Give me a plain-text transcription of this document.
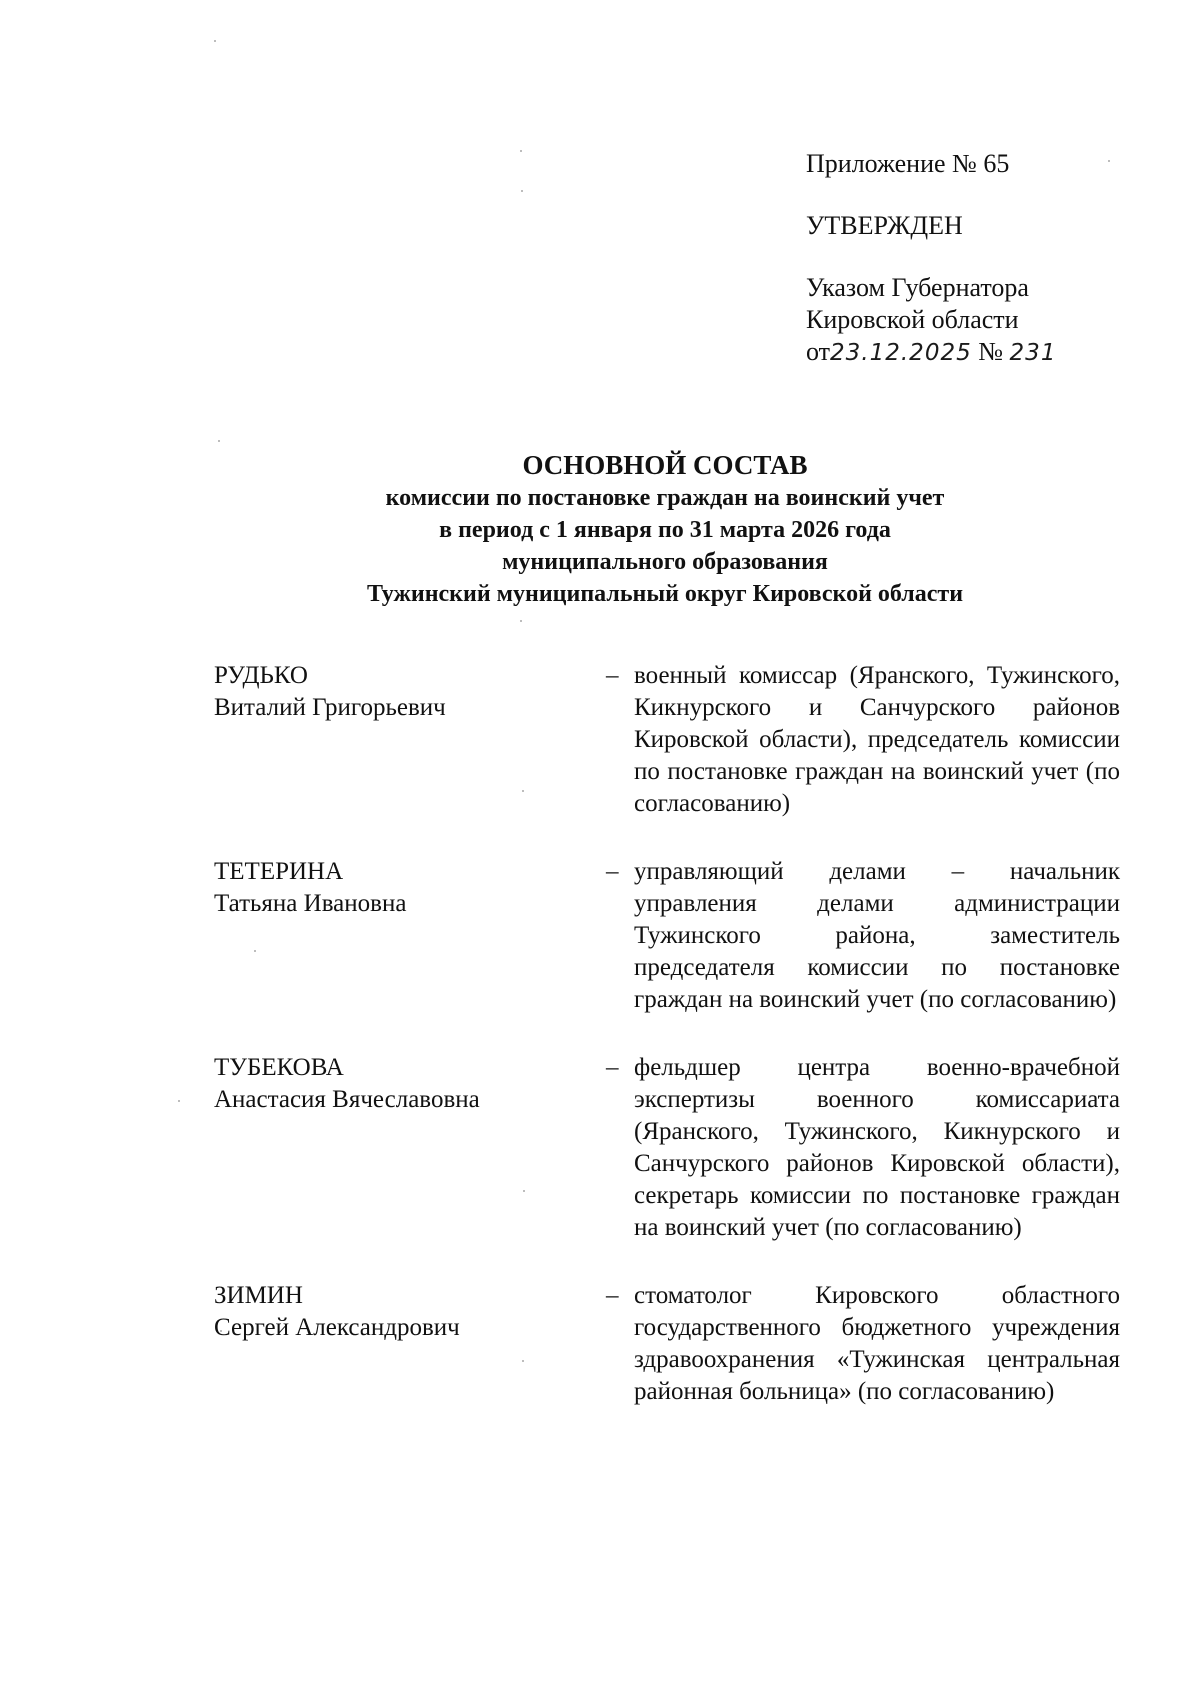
Приложение № 65
УТВЕРЖДЕН
Указом Губернатора
Кировской области
от23.12.2025 № 231
ОСНОВНОЙ СОСТАВ
комиссии по постановке граждан на воинский учет
в период с 1 января по 31 марта 2026 года
муниципального образования
Тужинский муниципальный округ Кировской области
РУДЬКО
Виталий Григорьевич
– военный комиссар (Яранского, Тужинского, Кикнурского и Санчурского районов Кировской области), председатель комиссии по постановке граждан на воинский учет (по согласованию)
ТЕТЕРИНА
Татьяна Ивановна
– управляющий делами – начальник управления делами администрации Тужинского района, заместитель председателя комиссии по постановке граждан на воинский учет (по согласованию)
ТУБЕКОВА
Анастасия Вячеславовна
– фельдшер центра военно-врачебной экспертизы военного комиссариата (Яранского, Тужинского, Кикнурского и Санчурского районов Кировской области), секретарь комиссии по постановке граждан на воинский учет (по согласованию)
ЗИМИН
Сергей Александрович
– стоматолог Кировского областного государственного бюджетного учреждения здравоохранения «Тужинская центральная районная больница» (по согласованию)
